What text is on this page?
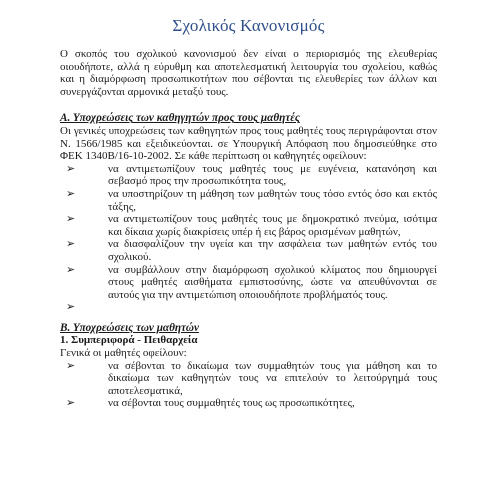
Σχολικός Κανονισμός

Ο σκοπός του σχολικού κανονισμού δεν είναι ο περιορισμός της ελευθερίας οιουδήποτε, αλλά η εύρυθμη και αποτελεσματική λειτουργία του σχολείου, καθώς και η διαμόρφωση προσωπικοτήτων που σέβονται τις ελευθερίες των άλλων και συνεργάζονται αρμονικά μεταξύ τους.

Α. Υποχρεώσεις των καθηγητών προς τους μαθητές

Οι γενικές υποχρεώσεις των καθηγητών προς τους μαθητές τους περιγράφονται στον Ν. 1566/1985 και εξειδικεύονται. σε Υπουργική Απόφαση που δημοσιεύθηκε στο ΦΕΚ 1340Β/16-10-2002. Σε κάθε περίπτωση οι καθηγητές οφείλουν:

➢	να αντιμετωπίζουν τους μαθητές τους με ευγένεια, κατανόηση και σεβασμό προς την προσωπικότητα τους,
➢	να υποστηρίζουν τη μάθηση των μαθητών τους τόσο εντός όσο και εκτός τάξης,
➢	να αντιμετωπίζουν τους μαθητές τους με δημοκρατικό πνεύμα, ισότιμα και δίκαια χωρίς διακρίσεις υπέρ ή εις βάρος ορισμένων μαθητών,
➢	να διασφαλίζουν την υγεία και την ασφάλεια των μαθητών εντός του σχολικού.
➢	να συμβάλλουν στην διαμόρφωση σχολικού κλίματος που δημιουργεί στους μαθητές αισθήματα εμπιστοσύνης, ώστε να απευθύνονται σε αυτούς για την αντιμετώπιση οποιουδήποτε προβλήματός τους.
➢

Β. Υποχρεώσεις των μαθητών
1. Συμπεριφορά - Πειθαρχεία

Γενικά οι μαθητές οφείλουν:

➢	να σέβονται το δικαίωμα των συμμαθητών τους για μάθηση και το δικαίωμα των καθηγητών τους να επιτελούν το λειτούργημά τους αποτελεσματικά,
➢	να σέβονται τους συμμαθητές τους ως προσωπικότητες,
